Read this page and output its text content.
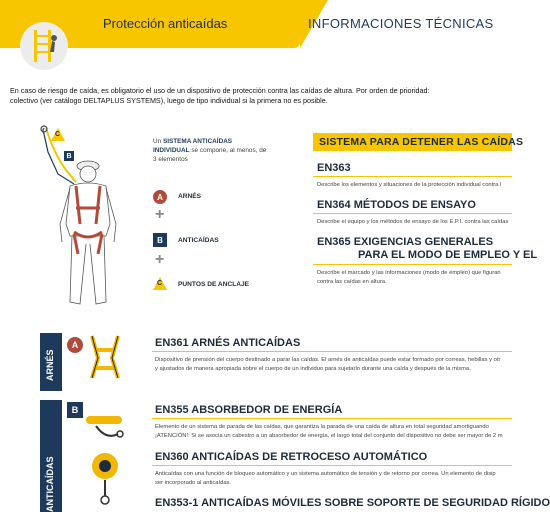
Protección anticaídas	INFORMACIONES TÉCNICAS
En caso de riesgo de caída, es obligatorio el uso de un dispositivo de protección contra las caídas de altura. Por orden de prioridad:
colectivo (ver catálogo DELTAPLUS SYSTEMS), luego de tipo individual si la primera no es posible.
C
B
Un SISTEMA ANTICAÍDAS INDIVIDUAL se compone, al menos, de 3 elementos
A	ARNÉS
+
B	ANTICAÍDAS
+
C PUNTOS DE ANCLAJE
SISTEMA PARA DETENER LAS CAÍDAS
EN363
Describe los elementos y situaciones de la protección individual contra l
EN364 MÉTODOS DE ENSAYO
Describe el equipo y los métodos de ensayo de los E.P.I. contra las caídas
EN365 EXIGENCIAS GENERALES
PARA EL MODO DE EMPLEO Y EL
Describe el marcado y las informaciones (modo de empleo) que figuran
contra las caídas en altura.
ARNÉS
A	EN361 ARNÉS ANTICAÍDAS
Dispositivo de prensión del cuerpo destinado a parar las caídas. El arnés de anticaídas puede estar formado por correas, hebillas y otr
y ajustados de manera apropiada sobre el cuerpo de un individuo para sujetarlo durante una caída y después de la misma.
ANTICAÍDAS
B	EN355 ABSORBEDOR DE ENERGÍA
Elemento de un sistema de parada de las caídas, que garantiza la parada de una caída de altura en total seguridad amortiguando
¡ATENCIÓN!: Si se asocia un cabestro a un absorbedor de energía, el largo total del conjunto del dispositivo no debe ser mayor de 2 m
EN360 ANTICAÍDAS DE RETROCESO AUTOMÁTICO
Anticaídas con una función de bloqueo automático y un sistema automático de tensión y de retorno por correa. Un elemento de disip
ser incorporado al anticaídas.
EN353-1 ANTICAÍDAS MÓVILES SOBRE SOPORTE DE SEGURIDAD RÍGIDO
